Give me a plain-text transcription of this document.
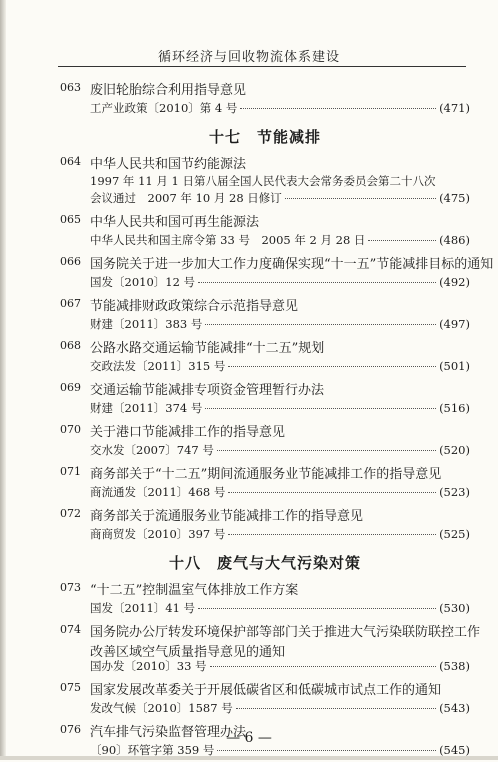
循环经济与回收物流体系建设
063 废旧轮胎综合利用指导意见
工产业政策〔2010〕第 4 号	(471)
十七 节能减排
064 中华人民共和国节约能源法
1997 年 11 月 1 日第八届全国人民代表大会常务委员会第二十八次
会议通过　2007 年 10 月 28 日修订	(475)
065 中华人民共和国可再生能源法
中华人民共和国主席令第 33 号　2005 年 2 月 28 日	(486)
066 国务院关于进一步加大工作力度确保实现“十一五”节能减排目标的通知
国发〔2010〕12 号	(492)
067 节能减排财政政策综合示范指导意见
财建〔2011〕383 号	(497)
068 公路水路交通运输节能减排“十二五”规划
交政法发〔2011〕315 号	(501)
069 交通运输节能减排专项资金管理暂行办法
财建〔2011〕374 号	(516)
070 关于港口节能减排工作的指导意见
交水发〔2007〕747 号	(520)
071 商务部关于“十二五”期间流通服务业节能减排工作的指导意见
商流通发〔2011〕468 号	(523)
072 商务部关于流通服务业节能减排工作的指导意见
商商贸发〔2010〕397 号	(525)
十八 废气与大气污染对策
073 “十二五”控制温室气体排放工作方案
国发〔2011〕41 号	(530)
074 国务院办公厅转发环境保护部等部门关于推进大气污染联防联控工作
改善区域空气质量指导意见的通知
国办发〔2010〕33 号	(538)
075 国家发展改革委关于开展低碳省区和低碳城市试点工作的通知
发改气候〔2010〕1587 号	(543)
076 汽车排气污染监督管理办法
〔90〕环管字第 359 号	(545)
— 6 —
